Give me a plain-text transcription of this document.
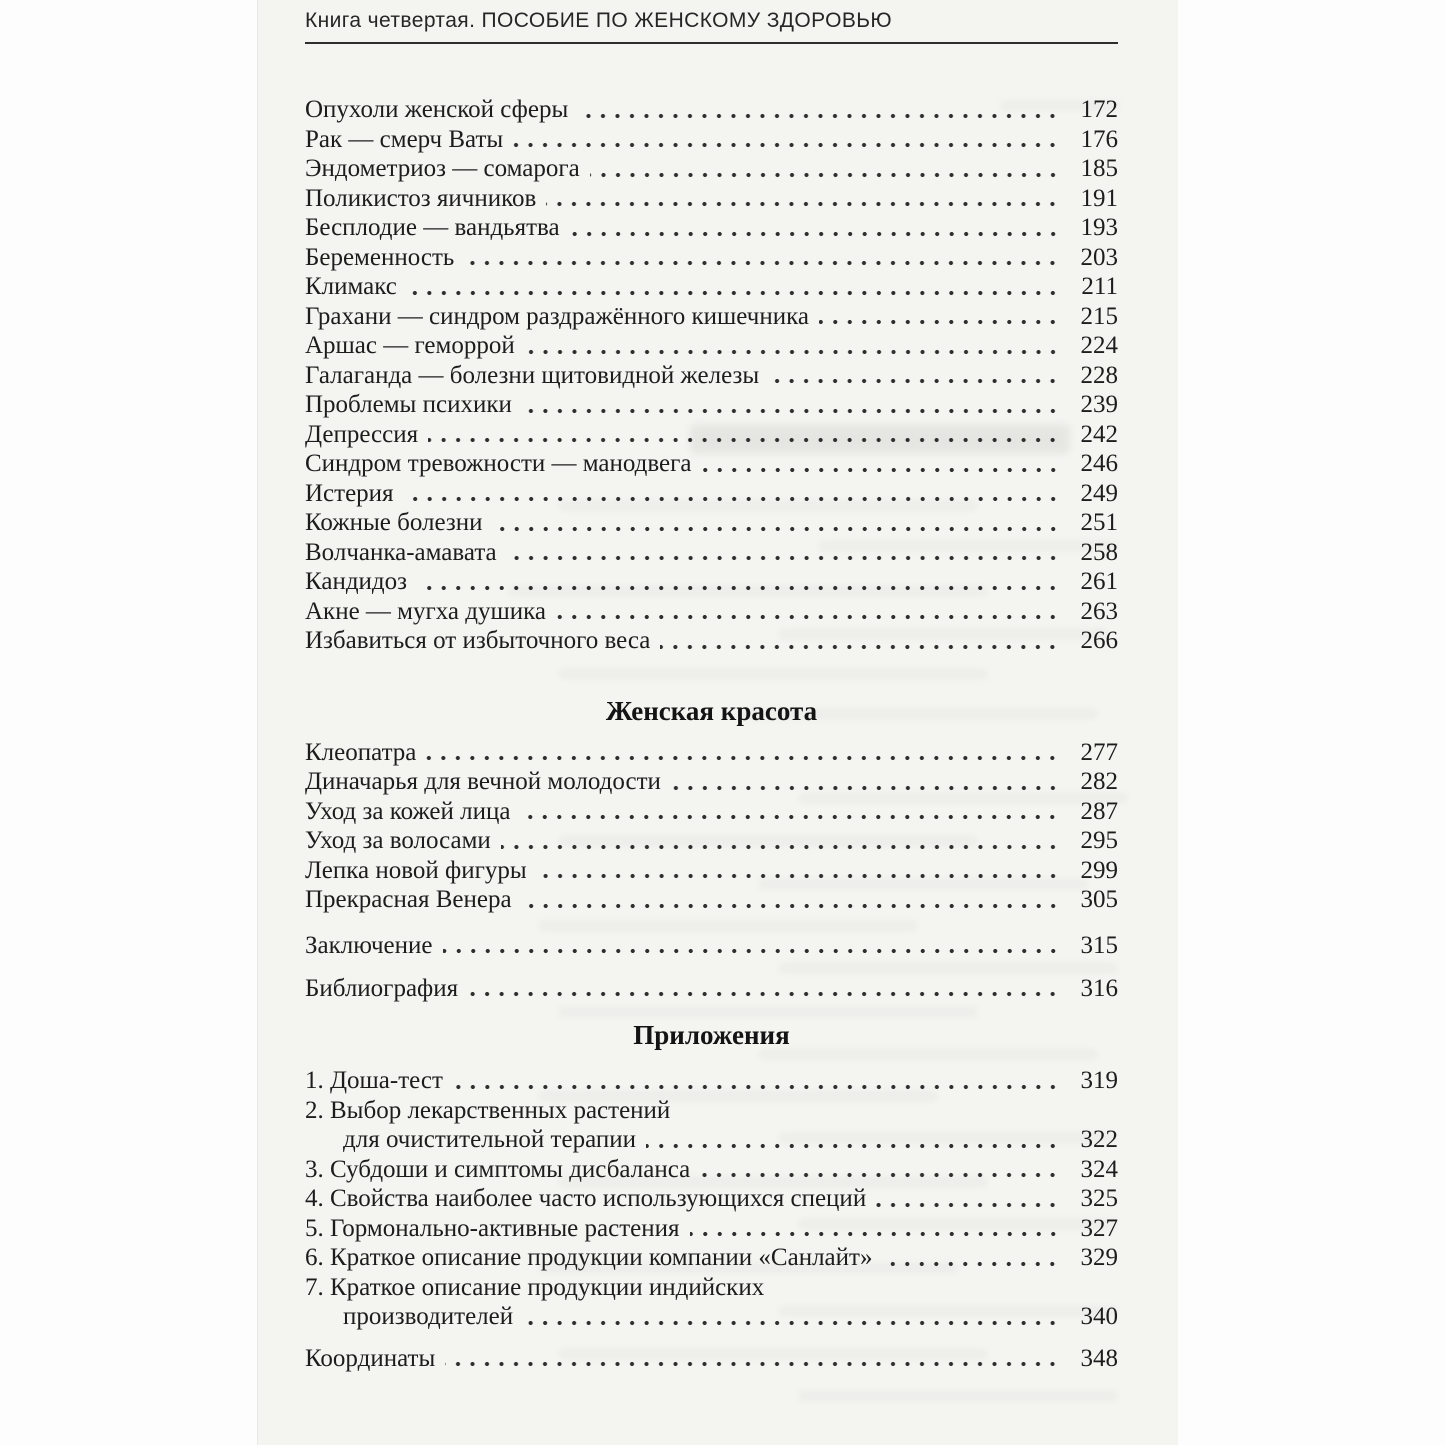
Книга четвертая. ПОСОБИЕ ПО ЖЕНСКОМУ ЗДОРОВЬЮ
Опухоли женской сферы	172
Рак — смерч Ваты	176
Эндометриоз — сомарога	185
Поликистоз яичников	191
Бесплодие — вандьятва	193
Беременность	203
Климакс	211
Грахани — синдром раздражённого кишечника	215
Аршас — геморрой	224
Галаганда — болезни щитовидной железы	228
Проблемы психики	239
Депрессия	242
Синдром тревожности — манодвега	246
Истерия	249
Кожные болезни	251
Волчанка-амавата	258
Кандидоз	261
Акне — мугха душика	263
Избавиться от избыточного веса	266
Женская красота
Клеопатра	277
Диначарья для вечной молодости	282
Уход за кожей лица	287
Уход за волосами	295
Лепка новой фигуры	299
Прекрасная Венера	305
Заключение	315
Библиография	316
Приложения
1. Доша-тест	319
2. Выбор лекарственных растений
для очистительной терапии	322
3. Субдоши и симптомы дисбаланса	324
4. Свойства наиболее часто использующихся специй	325
5. Гормонально-активные растения	327
6. Краткое описание продукции компании «Санлайт»	329
7. Краткое описание продукции индийских
производителей	340
Координаты	348
